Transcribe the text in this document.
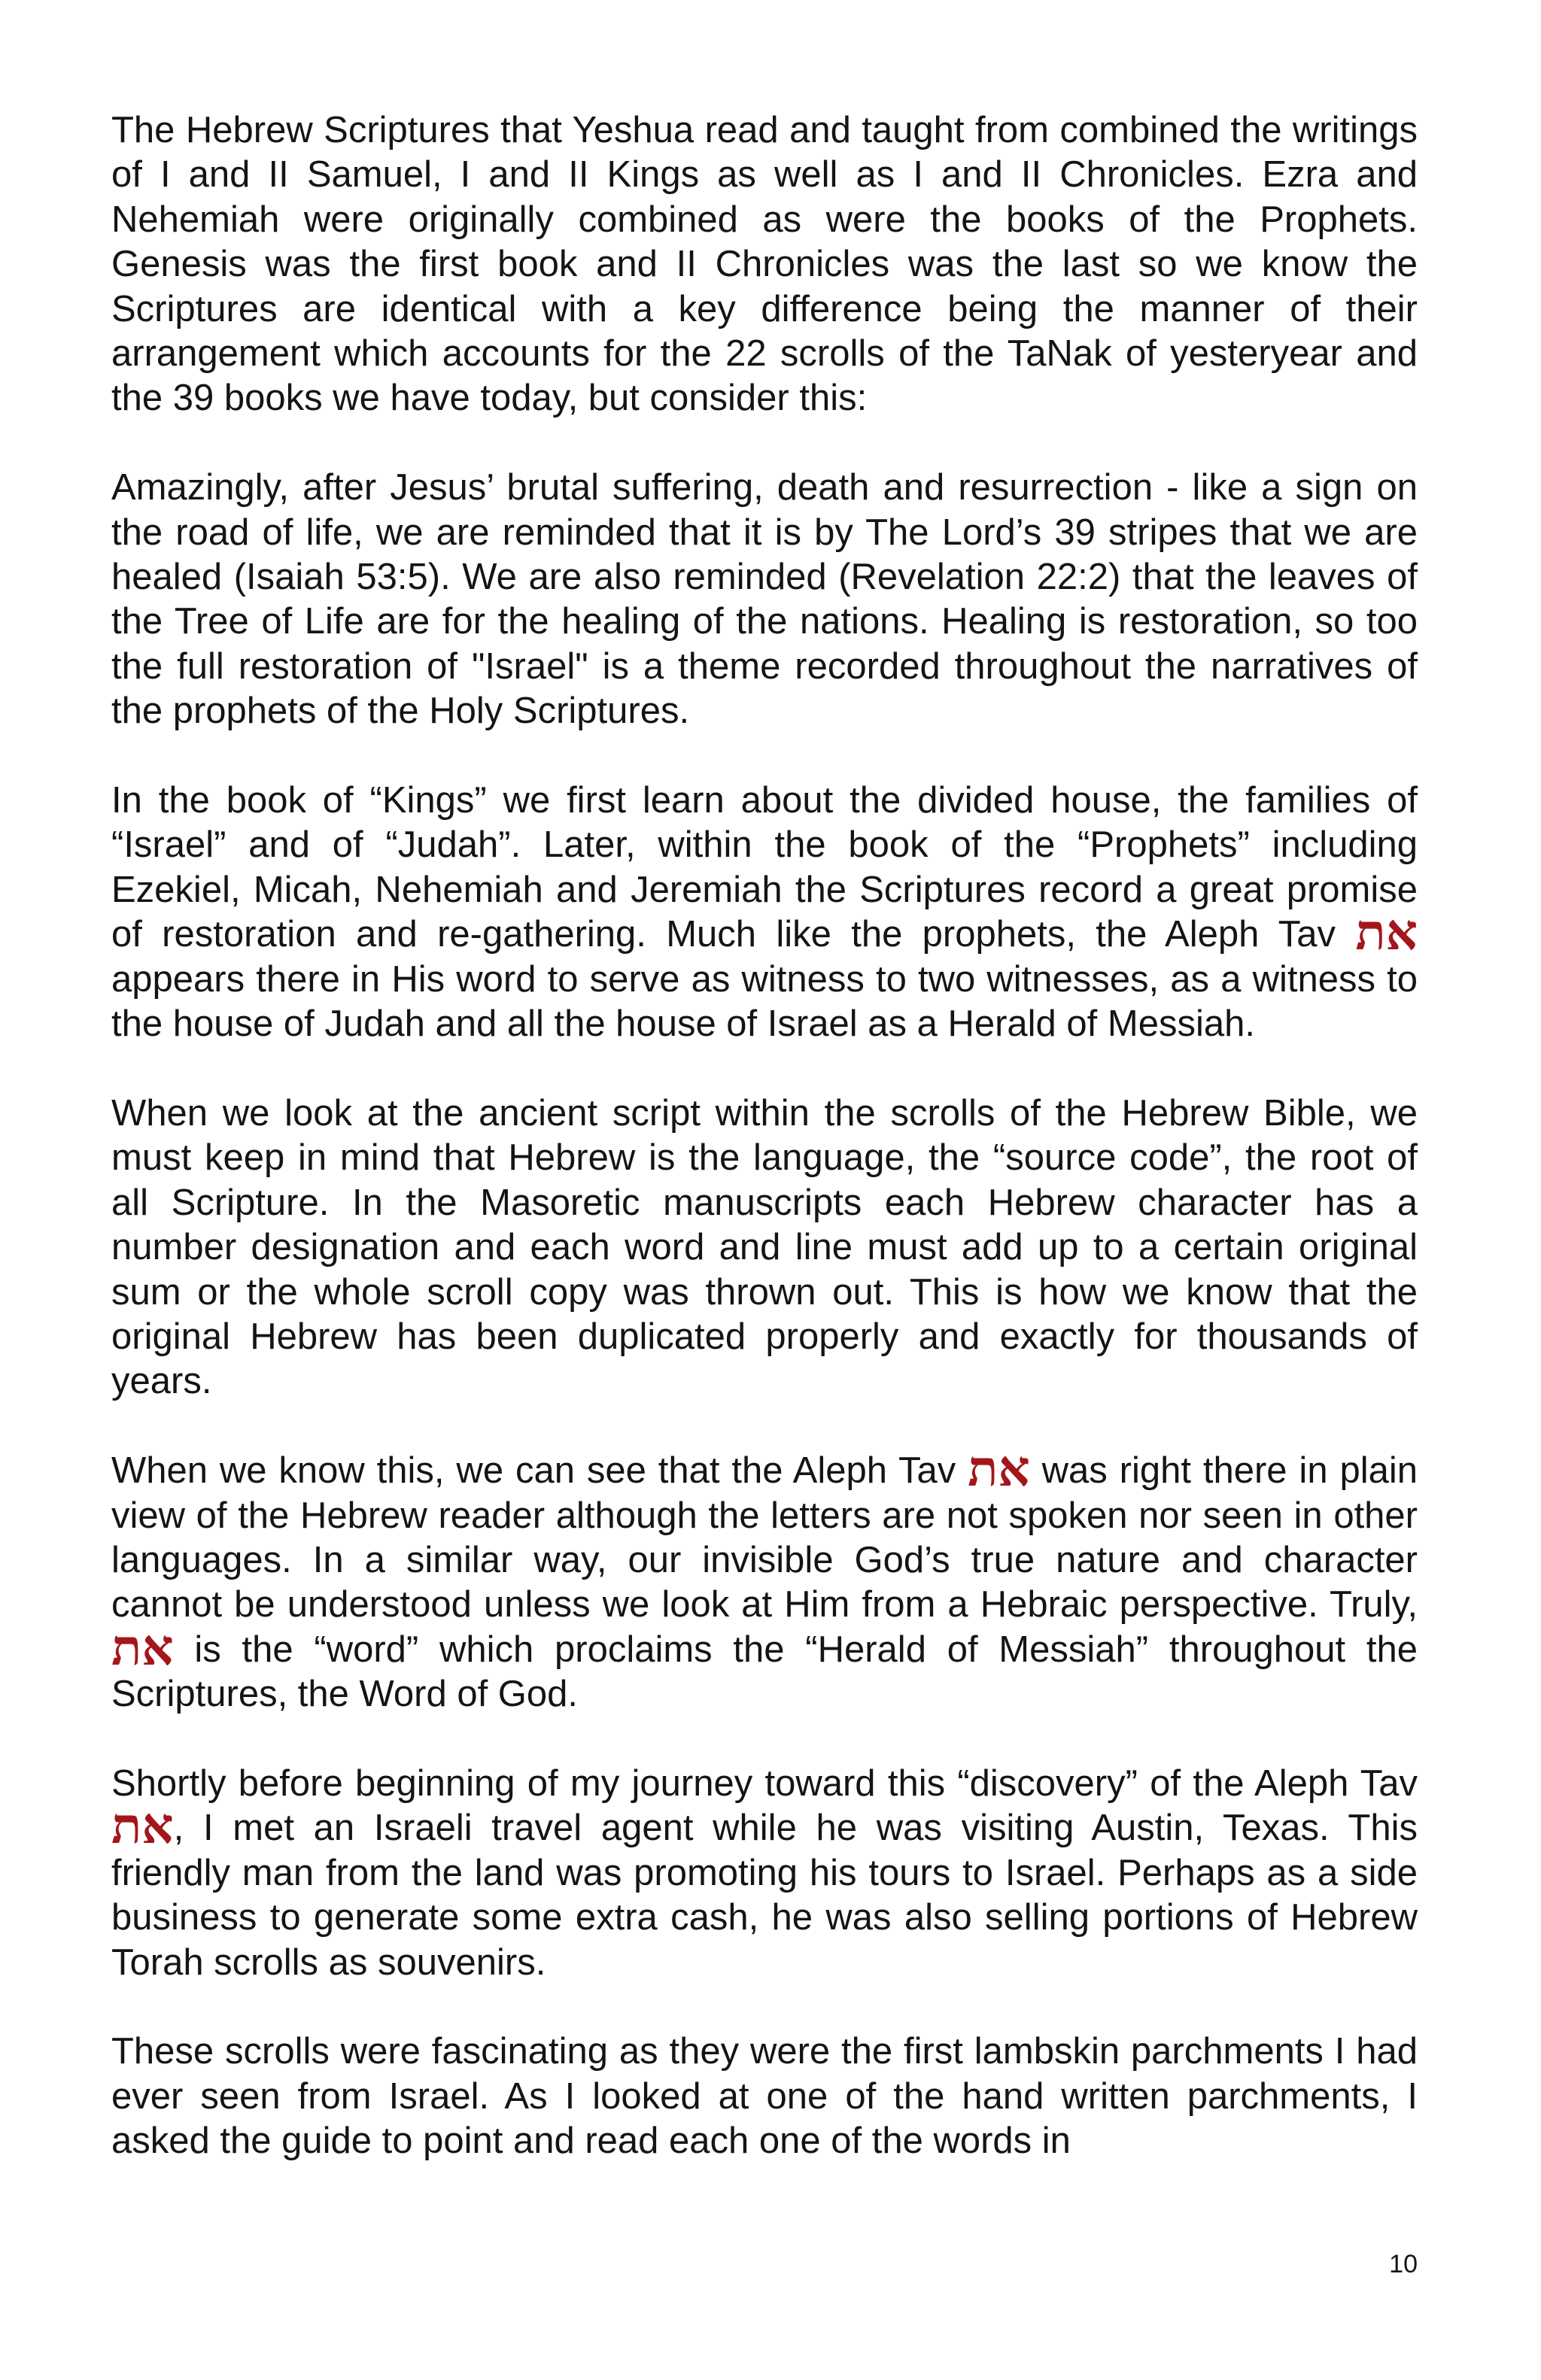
The Hebrew Scriptures that Yeshua read and taught from combined the writings of I and II Samuel, I and II Kings as well as I and II Chronicles. Ezra and Nehemiah were originally combined as were the books of the Prophets. Genesis was the first book and II Chronicles was the last so we know the Scriptures are identical with a key difference being the manner of their arrangement which accounts for the 22 scrolls of the TaNak of yesteryear and the 39 books we have today, but consider this:

Amazingly, after Jesus’ brutal suffering, death and resurrection - like a sign on the road of life, we are reminded that it is by The Lord’s 39 stripes that we are healed (Isaiah 53:5). We are also reminded (Revelation 22:2) that the leaves of the Tree of Life are for the healing of the nations. Healing is restoration, so too the full restoration of "Israel" is a theme recorded throughout the narratives of the prophets of the Holy Scriptures.

In the book of “Kings” we first learn about the divided house, the families of “Israel” and of “Judah”. Later, within the book of the “Prophets” including Ezekiel, Micah, Nehemiah and Jeremiah the Scriptures record a great promise of restoration and re-gathering. Much like the prophets, the Aleph Tav את appears there in His word to serve as witness to two witnesses, as a witness to the house of Judah and all the house of Israel as a Herald of Messiah.

When we look at the ancient script within the scrolls of the Hebrew Bible, we must keep in mind that Hebrew is the language, the “source code”, the root of all Scripture. In the Masoretic manuscripts each Hebrew character has a number designation and each word and line must add up to a certain original sum or the whole scroll copy was thrown out. This is how we know that the original Hebrew has been duplicated properly and exactly for thousands of years.

When we know this, we can see that the Aleph Tav את was right there in plain view of the Hebrew reader although the letters are not spoken nor seen in other languages. In a similar way, our invisible God’s true nature and character cannot be understood unless we look at Him from a Hebraic perspective. Truly, את is the “word” which proclaims the “Herald of Messiah” throughout the Scriptures, the Word of God.

Shortly before beginning of my journey toward this “discovery” of the Aleph Tav את, I met an Israeli travel agent while he was visiting Austin, Texas. This friendly man from the land was promoting his tours to Israel. Perhaps as a side business to generate some extra cash, he was also selling portions of Hebrew Torah scrolls as souvenirs.

These scrolls were fascinating as they were the first lambskin parchments I had ever seen from Israel. As I looked at one of the hand written parchments, I asked the guide to point and read each one of the words in

10
